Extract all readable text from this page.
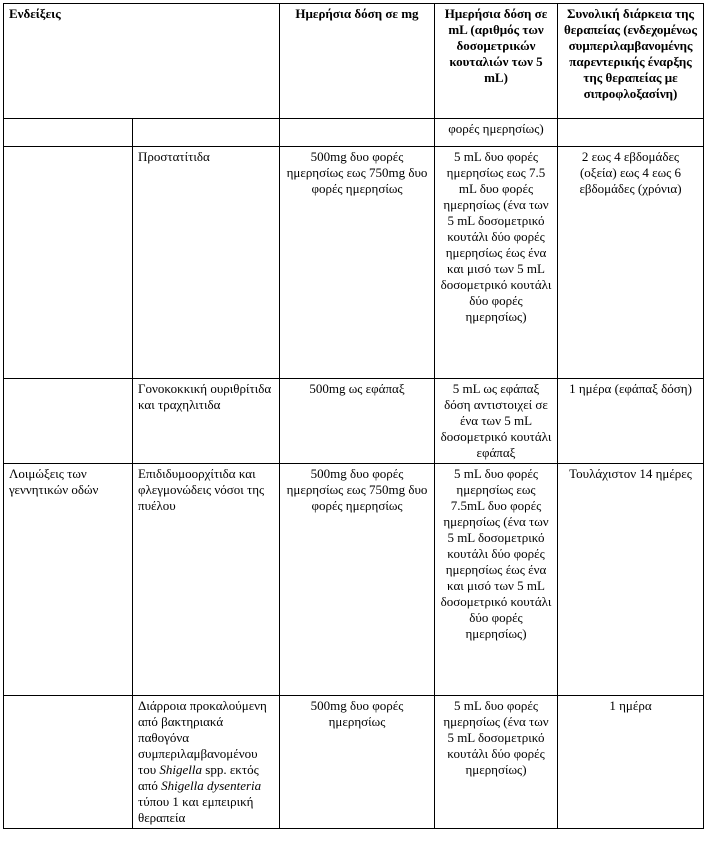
Ενδείξεις		Ημερήσια δόση σε mg	Ημερήσια δόση σε mL (αριθμός των δοσομετρικών κουταλιών των 5 mL)	Συνολική διάρκεια της θεραπείας (ενδεχομένως συμπεριλαμβανομένης παρεντερικής έναρξης της θεραπείας με σιπροφλοξασίνη)
			φορές ημερησίως)	
	Προστατίτιδα	500mg δυο φορές ημερησίως εως 750mg δυο φορές ημερησίως	5 mL δυο φορές ημερησίως εως 7.5 mL δυο φορές ημερησίως (ένα των 5 mL δοσομετρικό κουτάλι δύο φορές ημερησίως έως ένα και μισό των 5 mL δοσομετρικό κουτάλι δύο φορές ημερησίως)	2 εως 4 εβδομάδες (οξεία) εως 4 εως 6 εβδομάδες (χρόνια)
	Γονοκοκκική ουριθρίτιδα και τραχηλιτιδα	500mg ως εφάπαξ	5 mL ως εφάπαξ δόση αντιστοιχεί σε ένα των 5 mL δοσομετρικό κουτάλι εφάπαξ	1 ημέρα (εφάπαξ δόση)
Λοιμώξεις των γεννητικών οδών	Επιδιδυμοορχίτιδα και φλεγμονώδεις νόσοι της πυέλου	500mg δυο φορές ημερησίως εως 750mg δυο φορές ημερησίως	5 mL δυο φορές ημερησίως εως 7.5mL δυο φορές ημερησίως (ένα των 5 mL δοσομετρικό κουτάλι δύο φορές ημερησίως έως ένα και μισό των 5 mL δοσομετρικό κουτάλι δύο φορές ημερησίως)	Τουλάχιστον 14 ημέρες
	Διάρροια προκαλούμενη από βακτηριακά παθογόνα συμπεριλαμβανομένου του Shigella spp. εκτός από Shigella dysenteria τύπου 1 και εμπειρική θεραπεία	500mg δυο φορές ημερησίως	5 mL δυο φορές ημερησίως (ένα των 5 mL δοσομετρικό κουτάλι δύο φορές ημερησίως)	1 ημέρα
